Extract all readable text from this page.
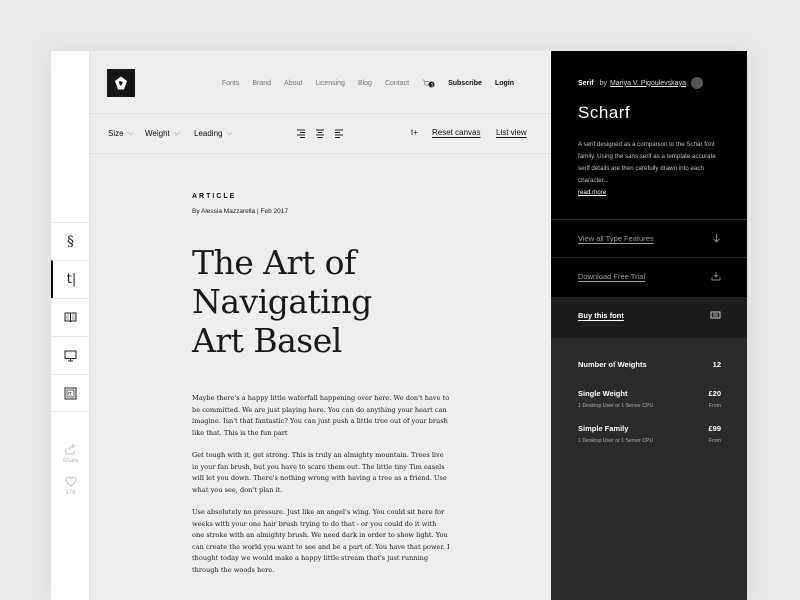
§
t|
tt
Share
178
Fonts Brand About Licensing Blog Contact	1 Subscribe Login
Size ⌵ Weight ⌵ Leading ⌵	t+ Reset canvas List view
ARTICLE
By Alessia Mazzarella | Feb 2017
The Art of
Navigating
Art Basel

Maybe there's a happy little waterfall happening over here. We don't have to be committed. We are just playing here. You can do anything your heart can imagine. Isn't that fantastic? You can just push a little tree out of your brush like that. This is the fun part

Get tough with it, get strong. This is truly an almighty mountain. Trees live in your fan brush, but you have to scare them out. The little tiny Tim easels will let you down. There's nothing wrong with having a tree as a friend. Use what you see, don't plan it.

Use absolutely no pressure. Just like an angel's wing. You could sit here for weeks with your one hair brush trying to do that - or you could do it with one stroke with an almighty brush. We need dark in order to show light. You can create the world you want to see and be a part of. You have that power. I thought today we would make a happy little stream that's just running through the woods here.

Serif by Mariya V. Pigoulevskaya
Scharf
A serif designed as a companion to the Schar font family. Using the sans serif as a template accurate serif details are then carefully drawn into each character...
read more
View all Type Features
Download Free Trial
Buy this font
Number of Weights	12
Single Weight	£20
1 Desktop User or 1 Server CPU	From
Simple Family	£99
1 Desktop User or 1 Server CPU	From
